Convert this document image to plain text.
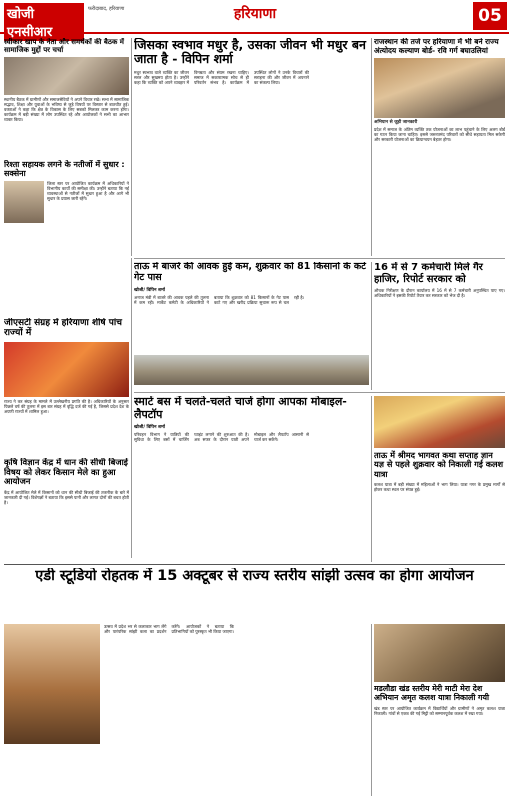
खोजी एनसीआर
फरीदाबाद, हरियाणा	हरियाणा	05
स्वीकार खाप के नेता और समर्थकों की बैठक में सामाजिक मुद्दों पर चर्चा
स्थानीय बैठक में ग्रामीणों और समाजसेवियों ने अपने विचार रखे। सभा में सामाजिक सद्भाव, शिक्षा और युवाओं के भविष्य से जुड़े विषयों पर विस्तार से बातचीत हुई। वक्ताओं ने कहा कि क्षेत्र के विकास के लिए सबको मिलकर काम करना होगा। कार्यक्रम में बड़ी संख्या में लोग उपस्थित रहे और आयोजकों ने सभी का आभार व्यक्त किया।
जिसका स्वभाव मधुर है, उसका जीवन भी मधुर बन जाता है - विपिन शर्मा
मधुर स्वभाव वाले व्यक्ति का जीवन सरल और सुखमय होता है। उन्होंने कहा कि व्यक्ति को अपने व्यवहार में विनम्रता और संयम रखना चाहिए। समाज में सकारात्मक सोच से ही परिवर्तन संभव है। कार्यक्रम में उपस्थित लोगों ने उनके विचारों की सराहना की और जीवन में अपनाने का संकल्प लिया।
राजस्थान की तर्ज पर हरियाणा में भी बने राज्य अंत्योदय कल्याण बोर्ड- रवि गर्ग बघाउलियां
अभियान से जुड़ी जानकारी
प्रदेश में समाज के अंतिम व्यक्ति तक योजनाओं का लाभ पहुंचाने के लिए अलग बोर्ड का गठन किया जाना चाहिए। इससे जरूरतमंद परिवारों को सीधे सहायता मिल सकेगी और सरकारी योजनाओं का क्रियान्वयन बेहतर होगा।
रिश्ता सहायक लगने के नतीजों में सुधार : सक्सेना
जिला स्तर पर आयोजित कार्यक्रम में अधिकारियों ने विभागीय कार्यों की समीक्षा की। उन्होंने बताया कि नई व्यवस्थाओं से नतीजों में सुधार हुआ है और आगे भी सुधार के प्रयास जारी रहेंगे।
ताऊ में बाजरे की आवक हुई कम, शुक्रवार को 81 किसानों के कटे गेट पास
खोजी/ विपिन शर्मा
अनाज मंडी में बाजरे की आवक पहले की तुलना में कम रही। मार्केट कमेटी के अधिकारियों ने बताया कि शुक्रवार को 81 किसानों के गेट पास काटे गए और खरीद प्रक्रिया सुचारू रूप से चल रही है।
16 में से 7 कर्मचारी मिले गैर हाजिर, रिपोर्ट सरकार को
औचक निरीक्षण के दौरान कार्यालय में 16 में से 7 कर्मचारी अनुपस्थित पाए गए। अधिकारियों ने इसकी रिपोर्ट तैयार कर सरकार को भेज दी है।
जीएसटी संग्रह में हरियाणा शीर्ष पांच राज्यों में
राज्य ने कर संग्रह के मामले में उल्लेखनीय प्रगति की है। अधिकारियों के अनुसार पिछले वर्ष की तुलना में इस बार संग्रह में वृद्धि दर्ज की गई है, जिससे प्रदेश देश के अग्रणी राज्यों में शामिल हुआ।
कृषि विज्ञान केंद्र में धान की सीधी बिजाई विषय को लेकर किसान मेले का हुआ आयोजन
केंद्र में आयोजित मेले में किसानों को धान की सीधी बिजाई की तकनीक के बारे में जानकारी दी गई। विशेषज्ञों ने बताया कि इससे पानी और लागत दोनों की बचत होती है।
स्मार्ट बस में चलते-चलते चार्ज होगा आपका मोबाइल-लैपटॉप
खोजी/ विपिन शर्मा
परिवहन विभाग ने यात्रियों की सुविधा के लिए बसों में चार्जिंग प्वाइंट लगाने की शुरुआत की है। अब सफर के दौरान यात्री अपने मोबाइल और लैपटॉप आसानी से चार्ज कर सकेंगे।
ताऊ में श्रीमद भागवत कथा सप्ताह ज्ञान यज्ञ से पहले शुक्रवार को निकाली गई कलश यात्रा
कलश यात्रा में बड़ी संख्या में महिलाओं ने भाग लिया। यात्रा नगर के प्रमुख मार्गों से होकर कथा स्थल पर संपन्न हुई।
एडी स्टूडियो रोहतक में 15 अक्टूबर से राज्य स्तरीय सांझी उत्सव का होगा आयोजन
उत्सव में प्रदेश भर से कलाकार भाग लेंगे और पारंपरिक सांझी कला का प्रदर्शन करेंगे। आयोजकों ने बताया कि प्रतिभागियों को पुरस्कृत भी किया जाएगा।
मडलौडा खंड स्तरीय मेरी माटी मेरा देश अभियान अमृत कलश यात्रा निकाली गयी
खंड स्तर पर आयोजित कार्यक्रम में विद्यार्थियों और ग्रामीणों ने अमृत कलश यात्रा निकाली। गांवों से एकत्र की गई मिट्टी को सम्मानपूर्वक कलश में रखा गया।
